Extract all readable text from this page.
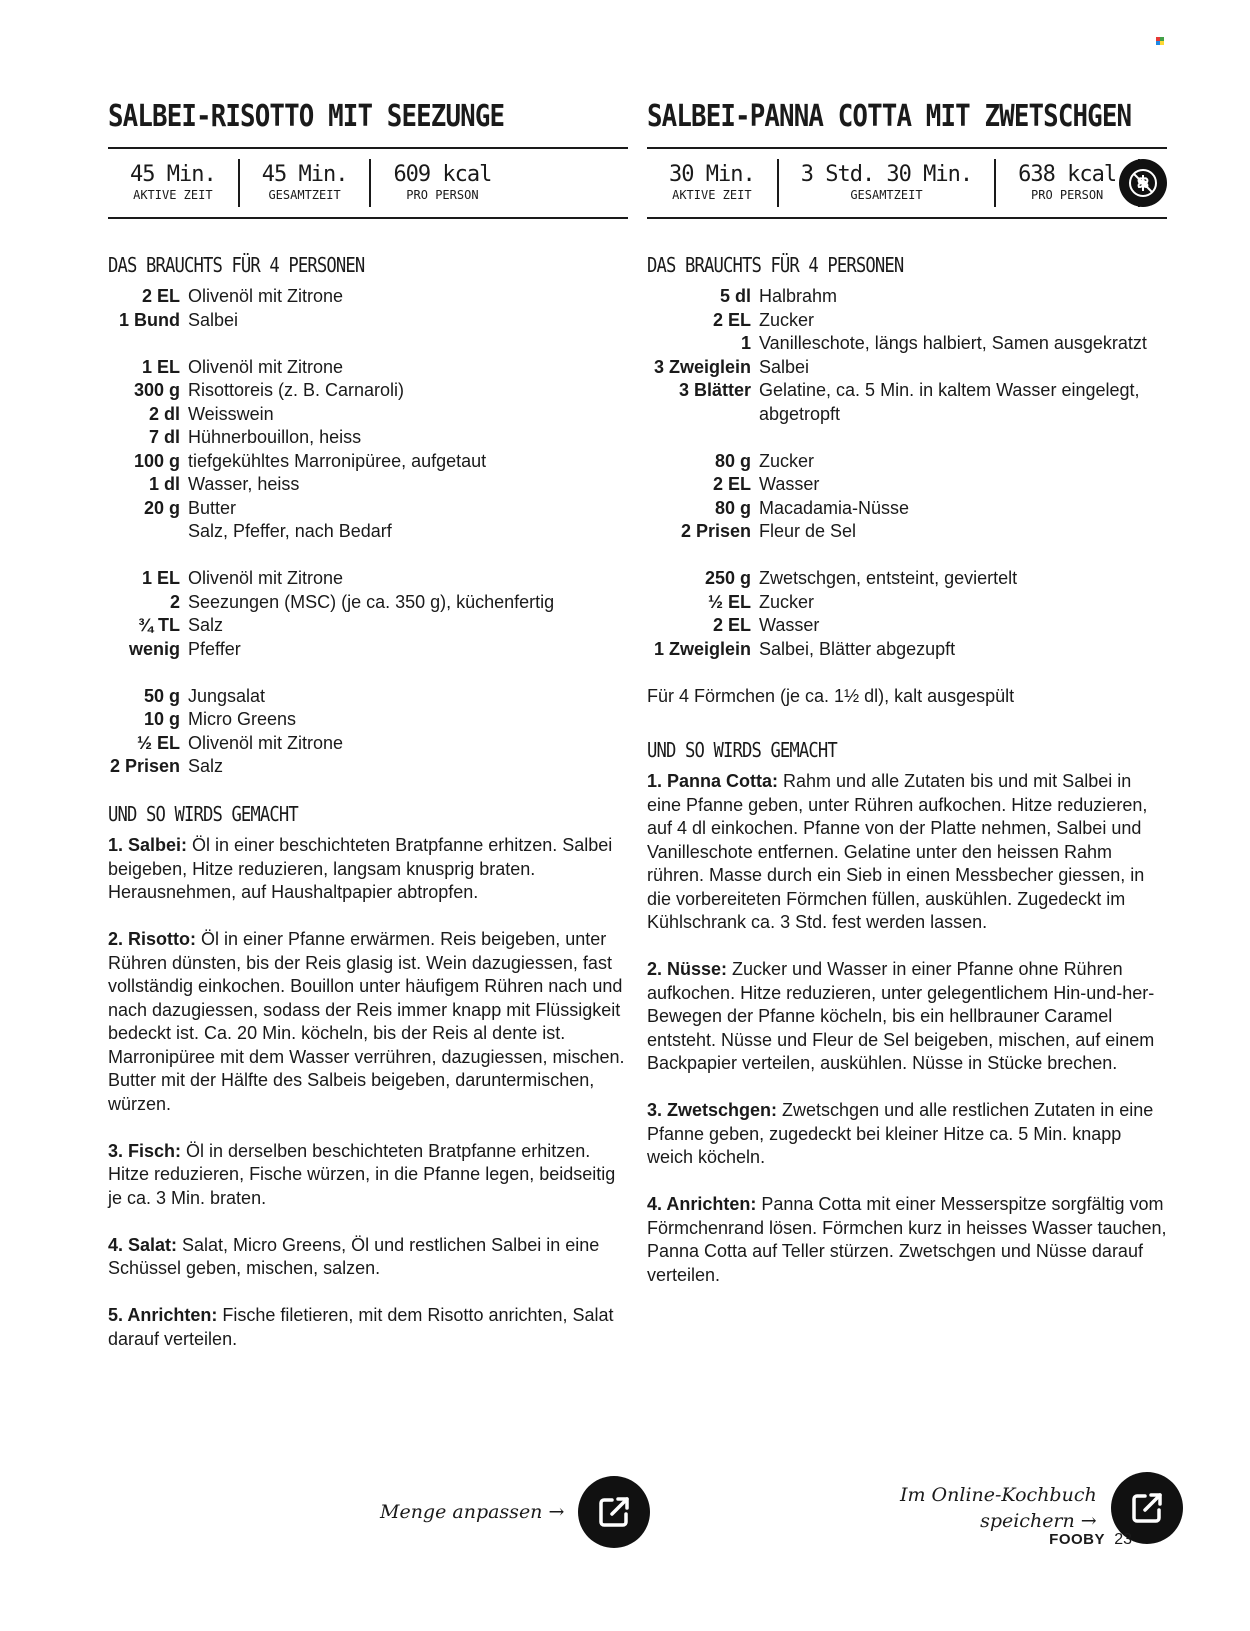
SALBEI-RISOTTO MIT SEEZUNGE
45 Min.
AKTIVE ZEIT
45 Min.
GESAMTZEIT
609 kcal
PRO PERSON
DAS BRAUCHTS FÜR 4 PERSONEN
2 EL Olivenöl mit Zitrone
1 Bund Salbei
1 EL Olivenöl mit Zitrone
300 g Risottoreis (z. B. Carnaroli)
2 dl Weisswein
7 dl Hühnerbouillon, heiss
100 g tiefgekühltes Marronipüree, aufgetaut
1 dl Wasser, heiss
20 g Butter
Salz, Pfeffer, nach Bedarf
1 EL Olivenöl mit Zitrone
2 Seezungen (MSC) (je ca. 350 g), küchenfertig
¾ TL Salz
wenig Pfeffer
50 g Jungsalat
10 g Micro Greens
½ EL Olivenöl mit Zitrone
2 Prisen Salz
UND SO WIRDS GEMACHT

1. Salbei: Öl in einer beschichteten Bratpfanne erhitzen. Salbei beigeben, Hitze reduzieren, langsam knusprig braten. Herausnehmen, auf Haushaltpapier abtropfen.

2. Risotto: Öl in einer Pfanne erwärmen. Reis beigeben, unter Rühren dünsten, bis der Reis glasig ist. Wein dazugiessen, fast vollständig einkochen. Bouillon unter häufigem Rühren nach und nach dazugiessen, sodass der Reis immer knapp mit Flüssigkeit bedeckt ist. Ca. 20 Min. köcheln, bis der Reis al dente ist. Marronipüree mit dem Wasser verrühren, dazugiessen, mischen. Butter mit der Hälfte des Salbeis beigeben, daruntermischen, würzen.

3. Fisch: Öl in derselben beschichteten Bratpfanne erhitzen. Hitze reduzieren, Fische würzen, in die Pfanne legen, beidseitig je ca. 3 Min. braten.

4. Salat: Salat, Micro Greens, Öl und restlichen Salbei in eine Schüssel geben, mischen, salzen.

5. Anrichten: Fische filetieren, mit dem Risotto anrichten, Salat darauf verteilen.

SALBEI-PANNA COTTA MIT ZWETSCHGEN
30 Min.
AKTIVE ZEIT
3 Std. 30 Min.
GESAMTZEIT
638 kcal
PRO PERSON
DAS BRAUCHTS FÜR 4 PERSONEN
5 dl Halbrahm
2 EL Zucker
1 Vanilleschote, längs halbiert, Samen ausgekratzt
3 Zweiglein Salbei
3 Blätter Gelatine, ca. 5 Min. in kaltem Wasser eingelegt, abgetropft
80 g Zucker
2 EL Wasser
80 g Macadamia-Nüsse
2 Prisen Fleur de Sel
250 g Zwetschgen, entsteint, geviertelt
½ EL Zucker
2 EL Wasser
1 Zweiglein Salbei, Blätter abgezupft

Für 4 Förmchen (je ca. 1½ dl), kalt ausgespült

UND SO WIRDS GEMACHT

1. Panna Cotta: Rahm und alle Zutaten bis und mit Salbei in eine Pfanne geben, unter Rühren aufkochen. Hitze reduzieren, auf 4 dl einkochen. Pfanne von der Platte nehmen, Salbei und Vanilleschote entfernen. Gelatine unter den heissen Rahm rühren. Masse durch ein Sieb in einen Messbecher giessen, in die vorbereiteten Förmchen füllen, auskühlen. Zugedeckt im Kühlschrank ca. 3 Std. fest werden lassen.

2. Nüsse: Zucker und Wasser in einer Pfanne ohne Rühren aufkochen. Hitze reduzieren, unter gelegentlichem Hin-und-her-Bewegen der Pfanne köcheln, bis ein hellbrauner Caramel entsteht. Nüsse und Fleur de Sel beigeben, mischen, auf einem Backpapier verteilen, auskühlen. Nüsse in Stücke brechen.

3. Zwetschgen: Zwetschgen und alle restlichen Zutaten in eine Pfanne geben, zugedeckt bei kleiner Hitze ca. 5 Min. knapp weich köcheln.

4. Anrichten: Panna Cotta mit einer Messerspitze sorgfältig vom Förmchenrand lösen. Förmchen kurz in heisses Wasser tauchen, Panna Cotta auf Teller stürzen. Zwetschgen und Nüsse darauf verteilen.

Menge anpassen →
Im Online-Kochbuch
speichern →
FOOBY 23
